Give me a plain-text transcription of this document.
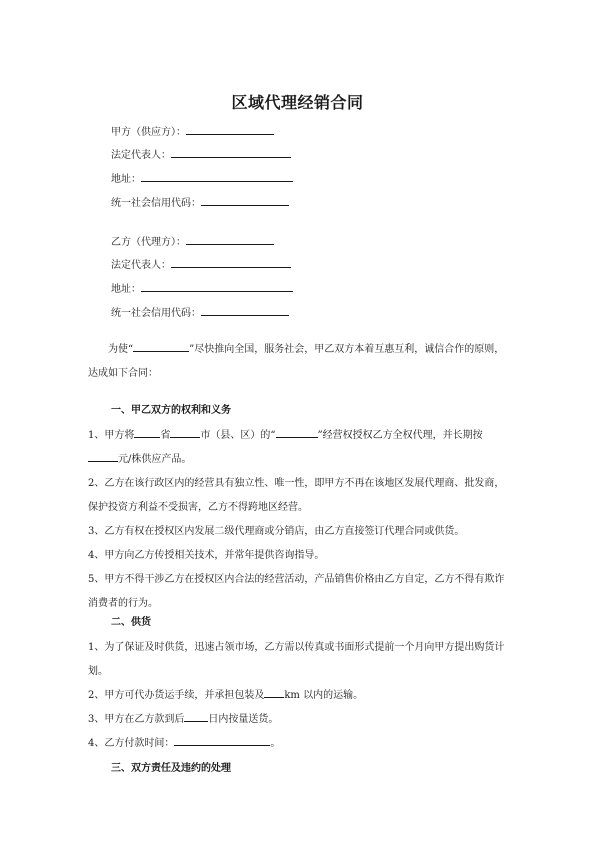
区域代理经销合同
甲方（供应方）：
法定代表人：
地址：
统一社会信用代码：
乙方（代理方）：
法定代表人：
地址：
统一社会信用代码：
为使“	”尽快推向全国，服务社会，甲乙双方本着互惠互利，诚信合作的原则，达成如下合同：
一、甲乙双方的权利和义务
1、甲方将	省	市（县、区）的“	”经营权授权乙方全权代理，并长期按元/株供应产品。
2、乙方在该行政区内的经营具有独立性、唯一性，即甲方不再在该地区发展代理商、批发商，保护投资方利益不受损害，乙方不得跨地区经营。
3、乙方有权在授权区内发展二级代理商或分销店，由乙方直接签订代理合同或供货。
4、甲方向乙方传授相关技术，并常年提供咨询指导。
5、甲方不得干涉乙方在授权区内合法的经营活动，产品销售价格由乙方自定，乙方不得有欺诈消费者的行为。
二、供货
1、为了保证及时供货，迅速占领市场，乙方需以传真或书面形式提前一个月向甲方提出购货计划。
2、甲方可代办货运手续，并承担包装及 km 以内的运输。
3、甲方在乙方款到后 日内按量送货。
4、乙方付款时间：	。
三、双方责任及违约的处理
